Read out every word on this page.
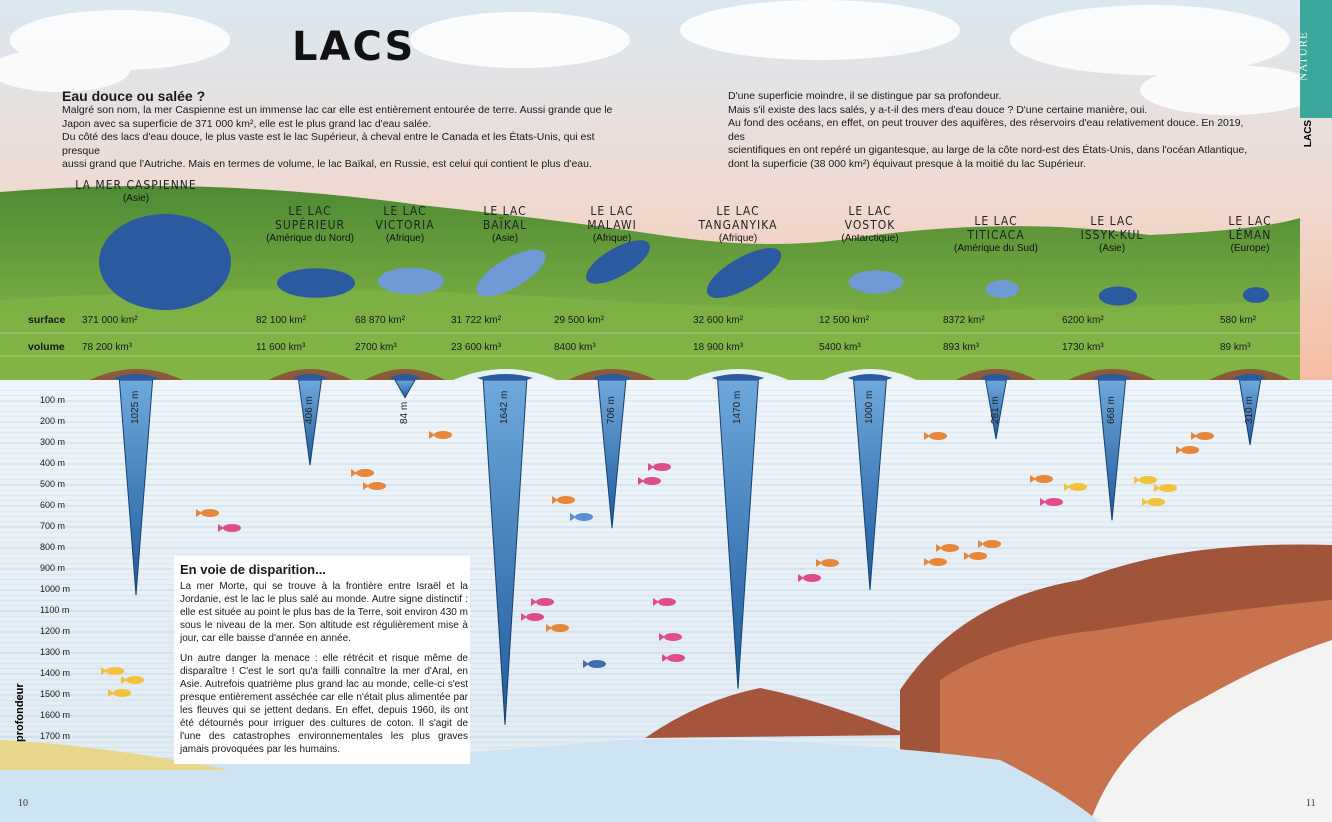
NATURE
LACS
LACS
Eau douce ou salée ?
Malgré son nom, la mer Caspienne est un immense lac car elle est entièrement entourée de terre. Aussi grande que le
Japon avec sa superficie de 371 000 km², elle est le plus grand lac d'eau salée.
Du côté des lacs d'eau douce, le plus vaste est le lac Supérieur, à cheval entre le Canada et les États-Unis, qui est presque
aussi grand que l'Autriche. Mais en termes de volume, le lac Baïkal, en Russie, est celui qui contient le plus d'eau.
D'une superficie moindre, il se distingue par sa profondeur.
Mais s'il existe des lacs salés, y a-t-il des mers d'eau douce ? D'une certaine manière, oui.
Au fond des océans, en effet, on peut trouver des aquifères, des réservoirs d'eau relativement douce. En 2019, des
scientifiques en ont repéré un gigantesque, au large de la côte nord-est des États-Unis, dans l'océan Atlantique,
dont la superficie (38 000 km²) équivaut presque à la moitié du lac Supérieur.
surface
volume
profondeur
100 m
200 m
300 m
400 m
500 m
600 m
700 m
800 m
900 m
1000 m
1100 m
1200 m
1300 m
1400 m
1500 m
1600 m
1700 m
LA MER CASPIENNE
(Asie)
371 000 km²
78 200 km³
1025 m
LE LAC
SUPÉRIEUR
(Amérique du Nord)
82 100 km²
11 600 km³
406 m
LE LAC
VICTORIA
(Afrique)
68 870 km²
2700 km³
84 m
LE LAC
BAÏKAL
(Asie)
31 722 km²
23 600 km³
1642 m
LE LAC
MALAWI
(Afrique)
29 500 km²
8400 km³
706 m
LE LAC
TANGANYIKA
(Afrique)
32 600 km²
18 900 km³
1470 m
LE LAC
VOSTOK
(Antarctique)
12 500 km²
5400 km³
1000 m
LE LAC
TITICACA
(Amérique du Sud)
8372 km²
893 km³
281 m
LE LAC
ISSYK-KUL
(Asie)
6200 km²
1730 km³
668 m
LE LAC
LÉMAN
(Europe)
580 km²
89 km³
310 m
En voie de disparition...
La mer Morte, qui se trouve à la frontière entre Israël et la Jordanie, est le lac le plus salé au monde. Autre signe distinctif : elle est située au point le plus bas de la Terre, soit environ 430 m sous le niveau de la mer. Son altitude est régulièrement mise à jour, car elle baisse d'année en année.
Un autre danger la menace : elle rétrécit et risque même de disparaître ! C'est le sort qu'a failli connaître la mer d'Aral, en Asie. Autrefois quatrième plus grand lac au monde, celle-ci s'est presque entièrement asséchée car elle n'était plus alimentée par les fleuves qui se jettent dedans. En effet, depuis 1960, ils ont été détournés pour irriguer des cultures de coton. Il s'agit de l'une des catastrophes environnementales les plus graves jamais provoquées par les humains.
10	11
